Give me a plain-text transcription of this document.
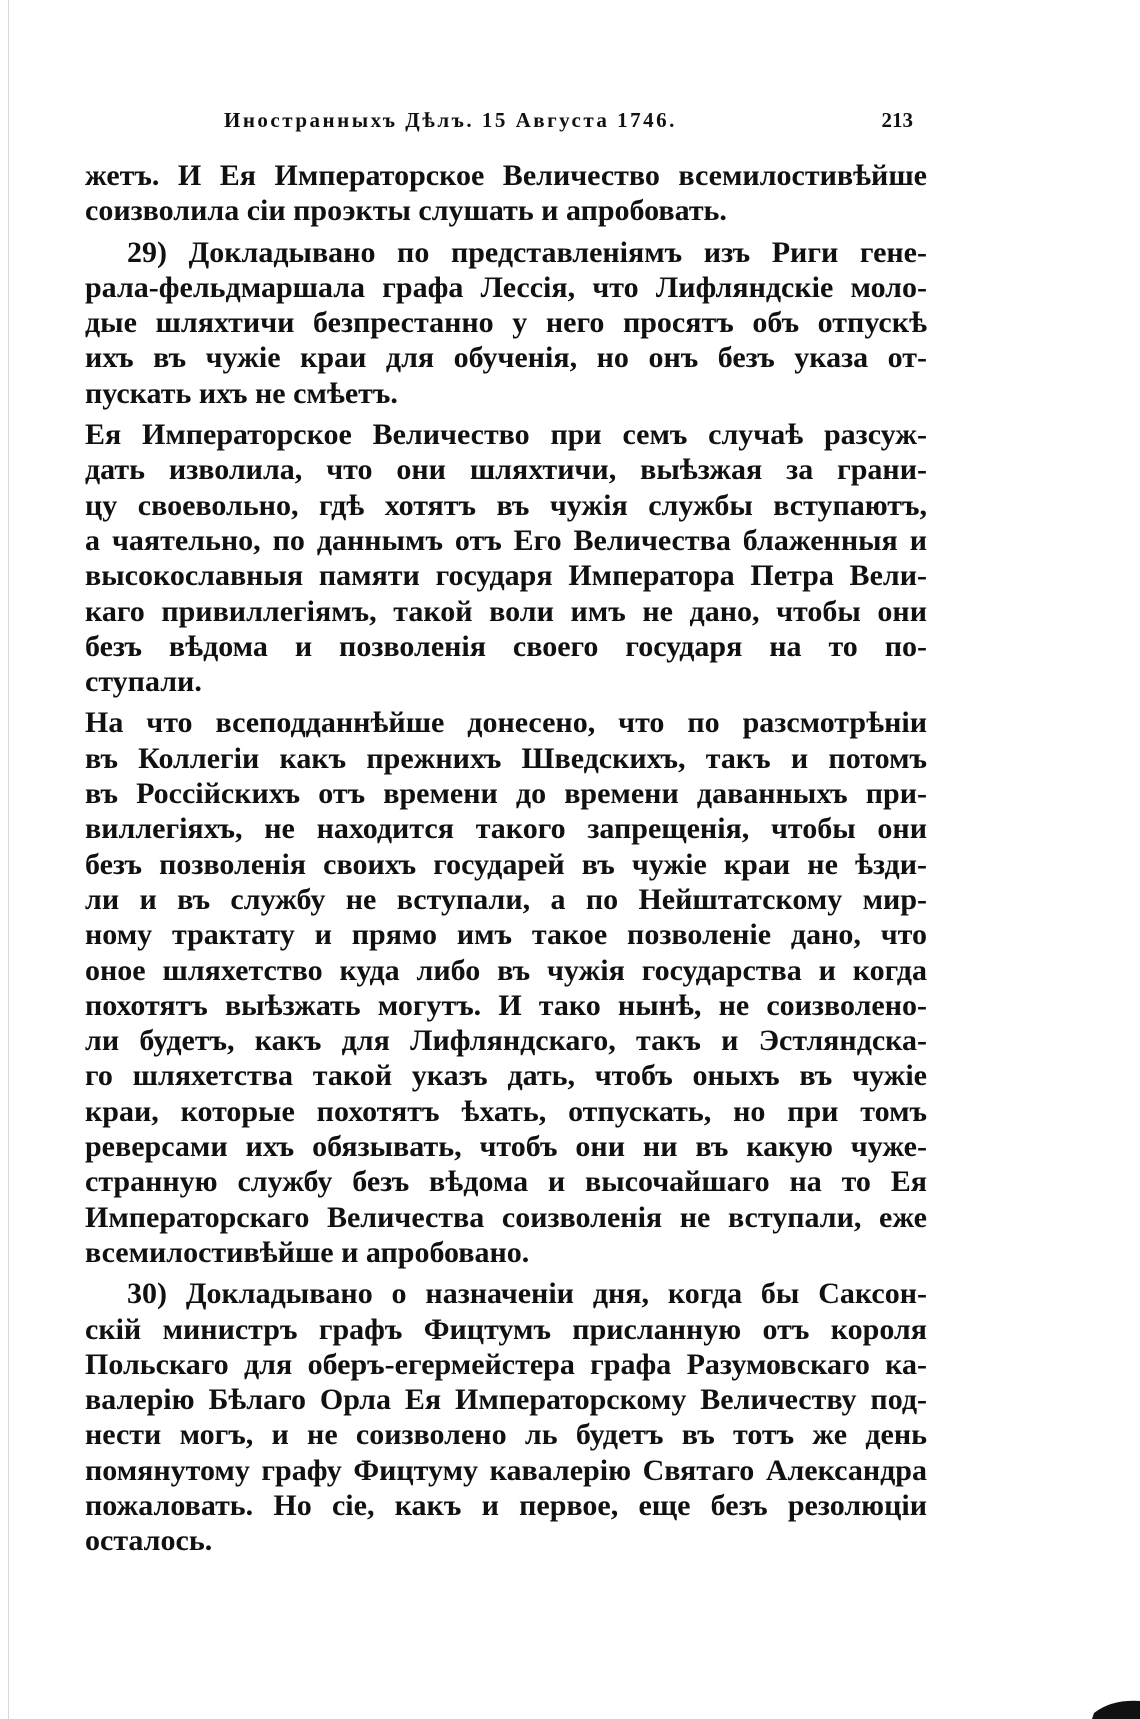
Иностранныхъ Дѣлъ. 15 Августа 1746.	213
жетъ. И Ея Императорское Величество всемилостивѣйше
соизволила сіи проэкты слушать и апробовать.
29) Докладывано по представленіямъ изъ Риги гене-
рала-фельдмаршала графа Лессія, что Лифляндскіе моло-
дые шляхтичи безпрестанно у него просятъ объ отпускѣ
ихъ въ чужіе краи для обученія, но онъ безъ указа от-
пускать ихъ не смѣетъ.
Ея Императорское Величество при семъ случаѣ разсуж-
дать изволила, что они шляхтичи, выѣзжая за грани-
цу своевольно, гдѣ хотятъ въ чужія службы вступаютъ,
а чаятельно, по даннымъ отъ Его Величества блаженныя и
высокославныя памяти государя Императора Петра Вели-
каго привиллегіямъ, такой воли имъ не дано, чтобы они
безъ вѣдома и позволенія своего государя на то по-
ступали.
На что всеподданнѣйше донесено, что по разсмотрѣніи
въ Коллегіи какъ прежнихъ Шведскихъ, такъ и потомъ
въ Россійскихъ отъ времени до времени даванныхъ при-
виллегіяхъ, не находится такого запрещенія, чтобы они
безъ позволенія своихъ государей въ чужіе краи не ѣзди-
ли и въ службу не вступали, а по Нейштатскому мир-
ному трактату и прямо имъ такое позволеніе дано, что
оное шляхетство куда либо въ чужія государства и когда
похотятъ выѣзжать могутъ. И тако нынѣ, не соизволено-
ли будетъ, какъ для Лифляндскаго, такъ и Эстляндска-
го шляхетства такой указъ дать, чтобъ оныхъ въ чужіе
краи, которые похотятъ ѣхать, отпускать, но при томъ
реверсами ихъ обязывать, чтобъ они ни въ какую чуже-
странную службу безъ вѣдома и высочайшаго на то Ея
Императорскаго Величества соизволенія не вступали, еже
всемилостивѣйше и апробовано.
30) Докладывано о назначеніи дня, когда бы Саксон-
скій министръ графъ Фицтумъ присланную отъ короля
Польскаго для оберъ-егермейстера графа Разумовскаго ка-
валерію Бѣлаго Орла Ея Императорскому Величеству под-
нести могъ, и не соизволено ль будетъ въ тотъ же день
помянутому графу Фицтуму кавалерію Святаго Александра
пожаловать. Но сіе, какъ и первое, еще безъ резолюціи
осталось.
